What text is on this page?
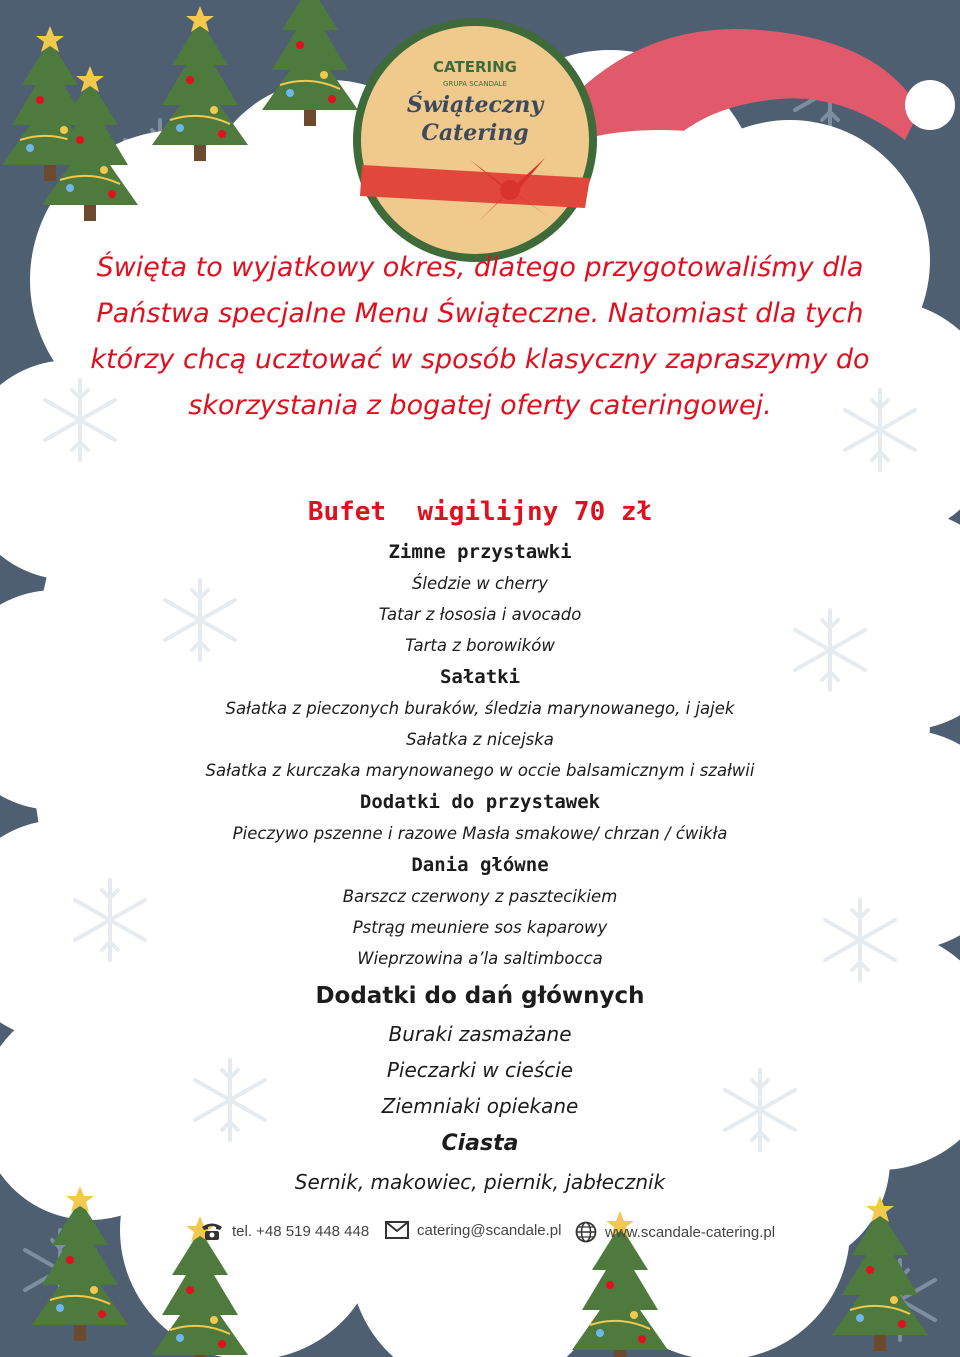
CATERING
GRUPA SCANDALE
Świąteczny
Catering
Święta to wyjatkowy okres, dlatego przygotowaliśmy dla
Państwa specjalne Menu Świąteczne. Natomiast dla tych
którzy chcą ucztować w sposób klasyczny zapraszymy do
skorzystania z bogatej oferty cateringowej.

Bufet  wigilijny 70 zł

Zimne przystawki

Śledzie w cherry

Tatar z łososia i avocado

Tarta z borowików

Sałatki

Sałatka z pieczonych buraków, śledzia marynowanego, i jajek

Sałatka z nicejska

Sałatka z kurczaka marynowanego w occie balsamicznym i szałwii

Dodatki do przystawek

Pieczywo pszenne i razowe Masła smakowe/ chrzan / ćwikła

Dania główne

Barszcz czerwony z pasztecikiem

Pstrąg meuniere sos kaparowy

Wieprzowina a’la saltimbocca

Dodatki do dań głównych

Buraki zasmażane

Pieczarki w cieście

Ziemniaki opiekane

Ciasta

Sernik, makowiec, piernik, jabłecznik

tel. +48 519 448 448	catering@scandale.pl	www.scandale-catering.pl
